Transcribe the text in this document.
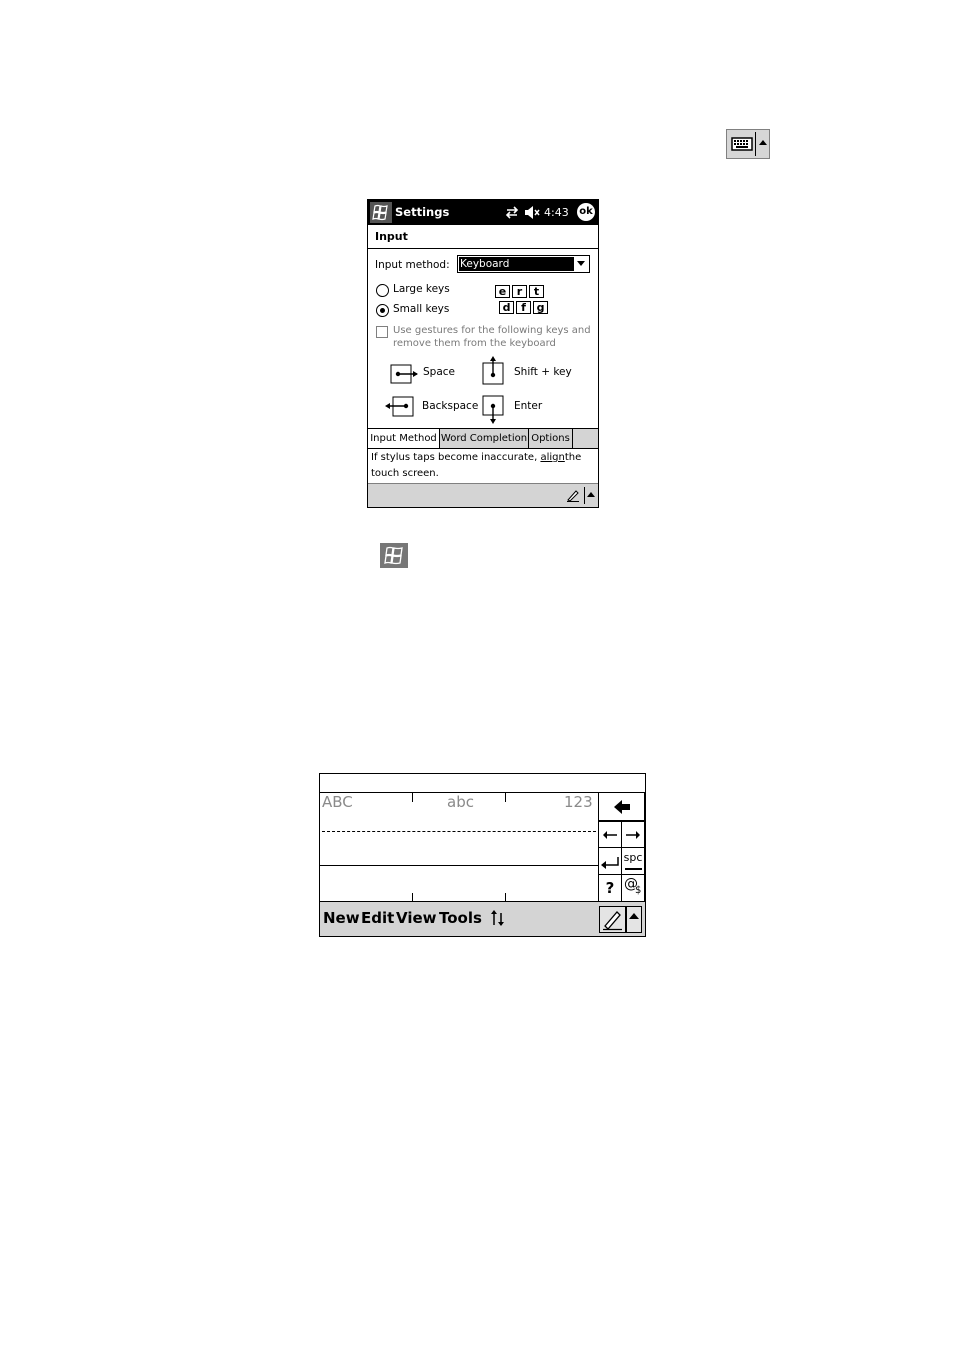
Settings	4:43 ok
Input
Input method: Keyboard
Large keys
Small keys
e r	t
d f g
Use gestures for the following keys and
remove them from the keyboard
Space	Shift + key
Backspace	Enter
Input Method Word Completion Options
If stylus taps become inaccurate, alignthe
touch screen.
ABC	abc	123
spc
? @
$
New Edit View Tools
